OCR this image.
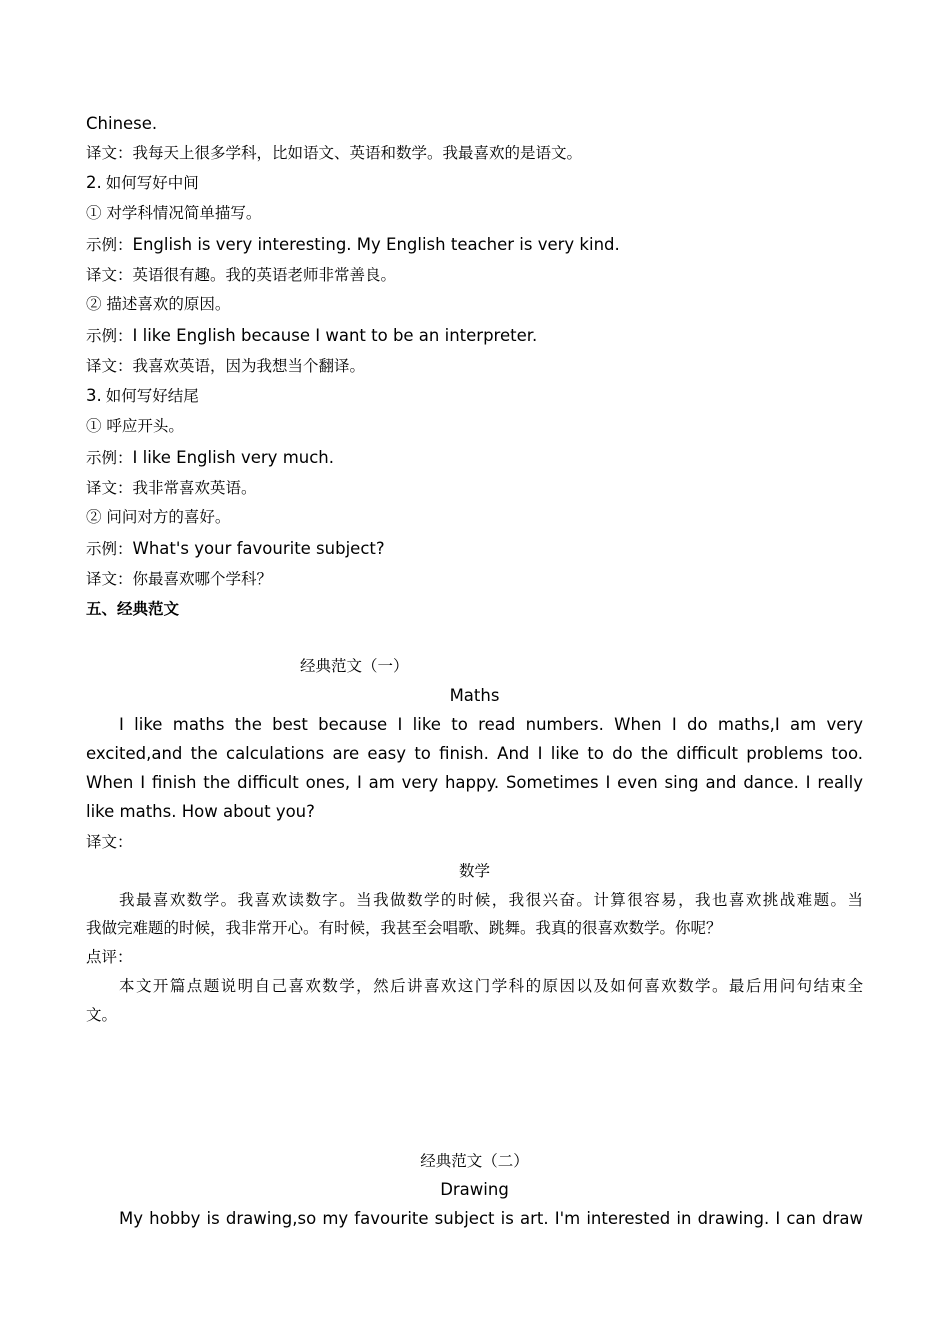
Chinese.
译文：我每天上很多学科，比如语文、英语和数学。我最喜欢的是语文。
2. 如何写好中间
① 对学科情况简单描写。
示例：English is very interesting. My English teacher is very kind.
译文：英语很有趣。我的英语老师非常善良。
② 描述喜欢的原因。
示例：I like English because I want to be an interpreter.
译文：我喜欢英语，因为我想当个翻译。
3. 如何写好结尾
① 呼应开头。
示例：I like English very much.
译文：我非常喜欢英语。
② 问问对方的喜好。
示例：What's your favourite subject?
译文：你最喜欢哪个学科？
五、经典范文
经典范文（一）
Maths
I like maths the best because I like to read numbers. When I do maths,I am very
excited,and the calculations are easy to finish. And I like to do the difficult problems too.
When I finish the difficult ones, I am very happy. Sometimes I even sing and dance. I really
like maths. How about you?
译文：
数学
我最喜欢数学。我喜欢读数字。当我做数学的时候，我很兴奋。计算很容易，我也喜欢挑战难题。当
我做完难题的时候，我非常开心。有时候，我甚至会唱歌、跳舞。我真的很喜欢数学。你呢？
点评：
本文开篇点题说明自己喜欢数学，然后讲喜欢这门学科的原因以及如何喜欢数学。最后用问句结束全
文。
经典范文（二）
Drawing
My hobby is drawing,so my favourite subject is art. I'm interested in drawing. I can draw
